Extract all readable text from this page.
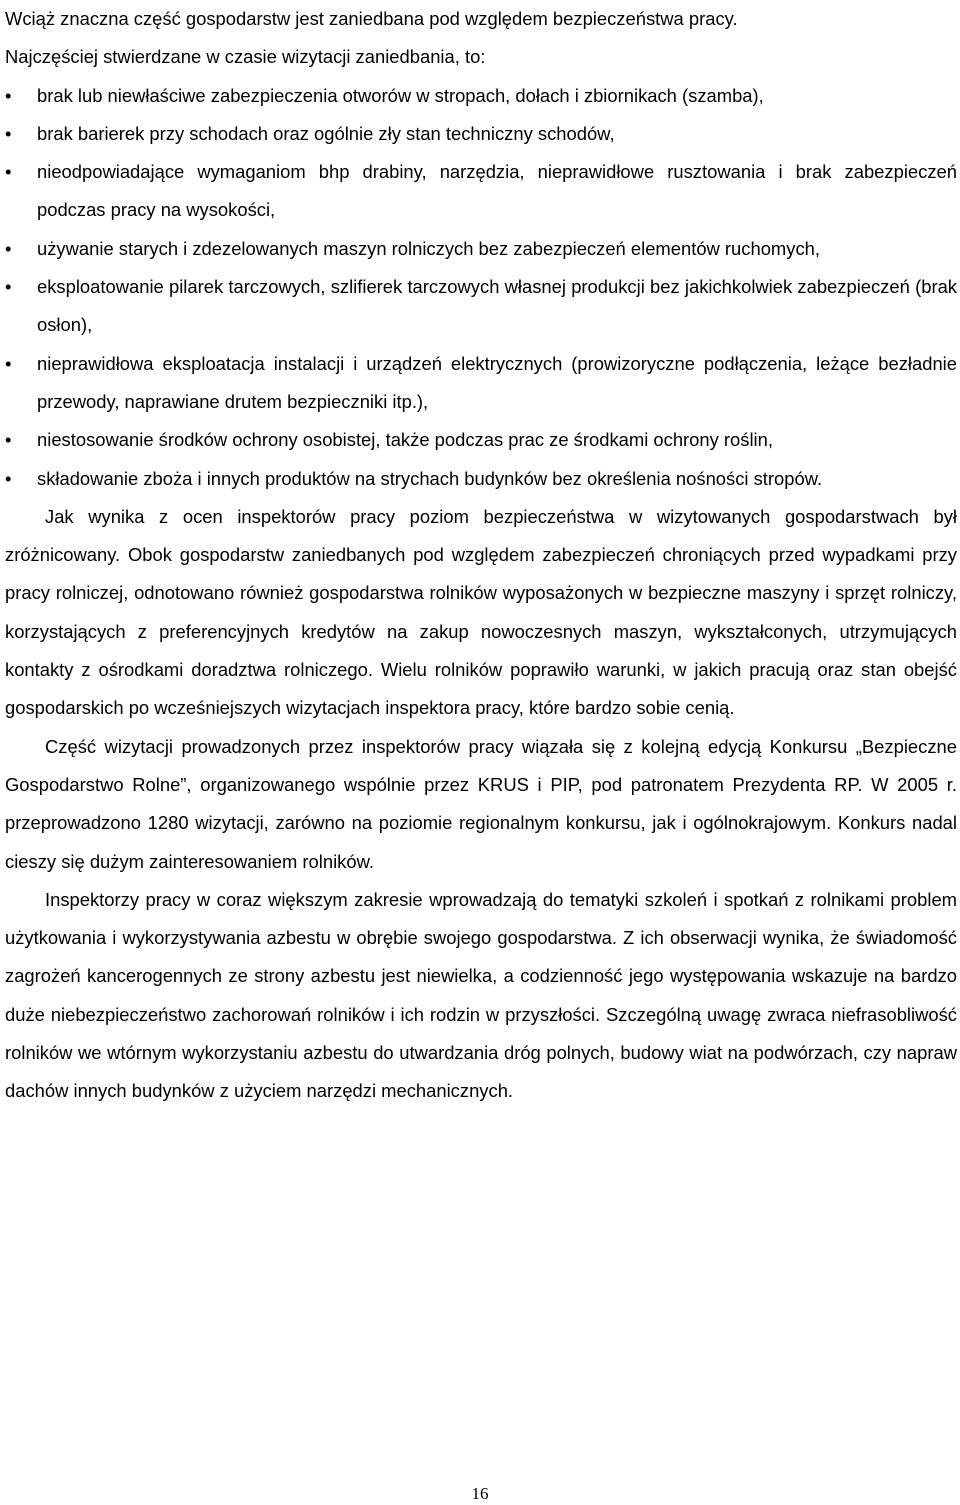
Wciąż znaczna część gospodarstw jest zaniedbana pod względem bezpieczeństwa pracy.

Najczęściej stwierdzane w czasie wizytacji zaniedbania, to:

•	brak lub niewłaściwe zabezpieczenia otworów w stropach, dołach i zbiornikach (szamba),
•	brak barierek przy schodach oraz ogólnie zły stan techniczny schodów,
•	nieodpowiadające wymaganiom bhp drabiny, narzędzia, nieprawidłowe rusztowania i brak zabezpieczeń podczas pracy na wysokości,
•	używanie starych i zdezelowanych maszyn rolniczych bez zabezpieczeń elementów ruchomych,
•	eksploatowanie pilarek tarczowych, szlifierek tarczowych własnej produkcji bez jakichkolwiek zabezpieczeń (brak osłon),
•	nieprawidłowa eksploatacja instalacji i urządzeń elektrycznych (prowizoryczne podłączenia, leżące bezładnie przewody, naprawiane drutem bezpieczniki itp.),
•	niestosowanie środków ochrony osobistej, także podczas prac ze środkami ochrony roślin,
•	składowanie zboża i innych produktów na strychach budynków bez określenia nośności stropów.

Jak wynika z ocen inspektorów pracy poziom bezpieczeństwa w wizytowanych gospodarstwach był zróżnicowany. Obok gospodarstw zaniedbanych pod względem zabezpieczeń chroniących przed wypadkami przy pracy rolniczej, odnotowano również gospodarstwa rolników wyposażonych w bezpieczne maszyny i sprzęt rolniczy, korzystających z preferencyjnych kredytów na zakup nowoczesnych maszyn, wykształconych, utrzymujących kontakty z ośrodkami doradztwa rolniczego. Wielu rolników poprawiło warunki, w jakich pracują oraz stan obejść gospodarskich po wcześniejszych wizytacjach inspektora pracy, które bardzo sobie cenią.

Część wizytacji prowadzonych przez inspektorów pracy wiązała się z kolejną edycją Konkursu „Bezpieczne Gospodarstwo Rolne”, organizowanego wspólnie przez KRUS i PIP, pod patronatem Prezydenta RP. W 2005 r. przeprowadzono 1280 wizytacji, zarówno na poziomie regionalnym konkursu, jak i ogólnokrajowym. Konkurs nadal cieszy się dużym zainteresowaniem rolników.

Inspektorzy pracy w coraz większym zakresie wprowadzają do tematyki szkoleń i spotkań z rolnikami problem użytkowania i wykorzystywania azbestu w obrębie swojego gospodarstwa. Z ich obserwacji wynika, że świadomość zagrożeń kancerogennych ze strony azbestu jest niewielka, a codzienność jego występowania wskazuje na bardzo duże niebezpieczeństwo zachorowań rolników i ich rodzin w przyszłości. Szczególną uwagę zwraca niefrasobliwość rolników we wtórnym wykorzystaniu azbestu do utwardzania dróg polnych, budowy wiat na podwórzach, czy napraw dachów innych budynków z użyciem narzędzi mechanicznych.

16
